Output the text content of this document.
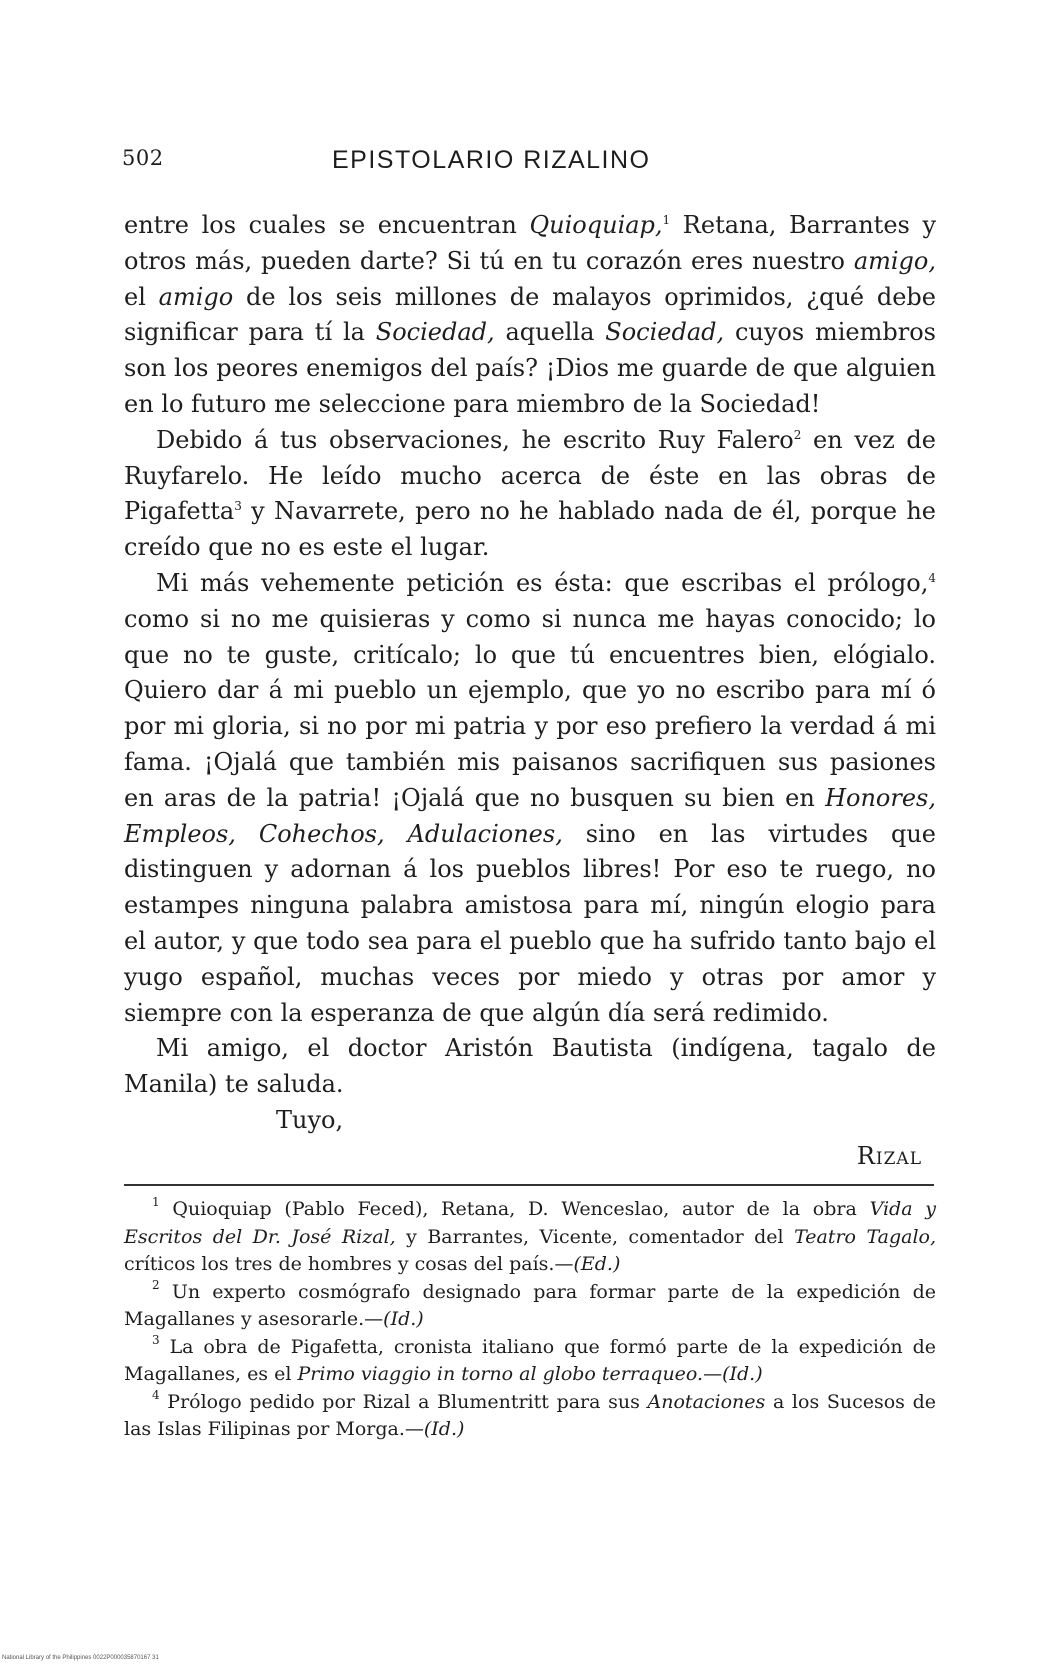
502	EPISTOLARIO RIZALINO

entre los cuales se encuentran Quioquiap,$^1$ Retana, Barrantes y otros más, pueden darte? Si tú en tu corazón eres nuestro amigo, el amigo de los seis millones de malayos oprimidos, ¿qué debe significar para tí la Sociedad, aquella Sociedad, cuyos miembros son los peores enemigos del país? ¡Dios me guarde de que alguien en lo futuro me seleccione para miembro de la Sociedad!

Debido á tus observaciones, he escrito Ruy Falero$^2$ en vez de Ruyfarelo. He leído mucho acerca de éste en las obras de Pigafetta$^3$ y Navarrete, pero no he hablado nada de él, porque he creído que no es este el lugar.

Mi más vehemente petición es ésta: que escribas el prólogo,$^4$ como si no me quisieras y como si nunca me hayas conocido; lo que no te guste, critícalo; lo que tú encuentres bien, elógialo. Quiero dar á mi pueblo un ejemplo, que yo no escribo para mí ó por mi gloria, si no por mi patria y por eso prefiero la verdad á mi fama. ¡Ojalá que también mis paisanos sacrifiquen sus pasiones en aras de la patria! ¡Ojalá que no busquen su bien en Honores, Empleos, Cohechos, Adulaciones, sino en las virtudes que distinguen y adornan á los pueblos libres! Por eso te ruego, no estampes ninguna palabra amistosa para mí, ningún elogio para el autor, y que todo sea para el pueblo que ha sufrido tanto bajo el yugo español, muchas veces por miedo y otras por amor y siempre con la esperanza de que algún día será redimido.

Mi amigo, el doctor Aristón Bautista (indígena, tagalo de Manila) te saluda.

Tuyo,

Rizal

$^1$ Quioquiap (Pablo Feced), Retana, D. Wenceslao, autor de la obra Vida y Escritos del Dr. José Rizal, y Barrantes, Vicente, comentador del Teatro Tagalo, críticos los tres de hombres y cosas del país.—(Ed.)

$^2$ Un experto cosmógrafo designado para formar parte de la expedición de Magallanes y asesorarle.—(Id.)

$^3$ La obra de Pigafetta, cronista italiano que formó parte de la expedición de Magallanes, es el Primo viaggio in torno al globo terraqueo.—(Id.)

$^4$ Prólogo pedido por Rizal a Blumentritt para sus Anotaciones a los Sucesos de las Islas Filipinas por Morga.—(Id.)

National Library of the Philippines 0022P000035870167 31
